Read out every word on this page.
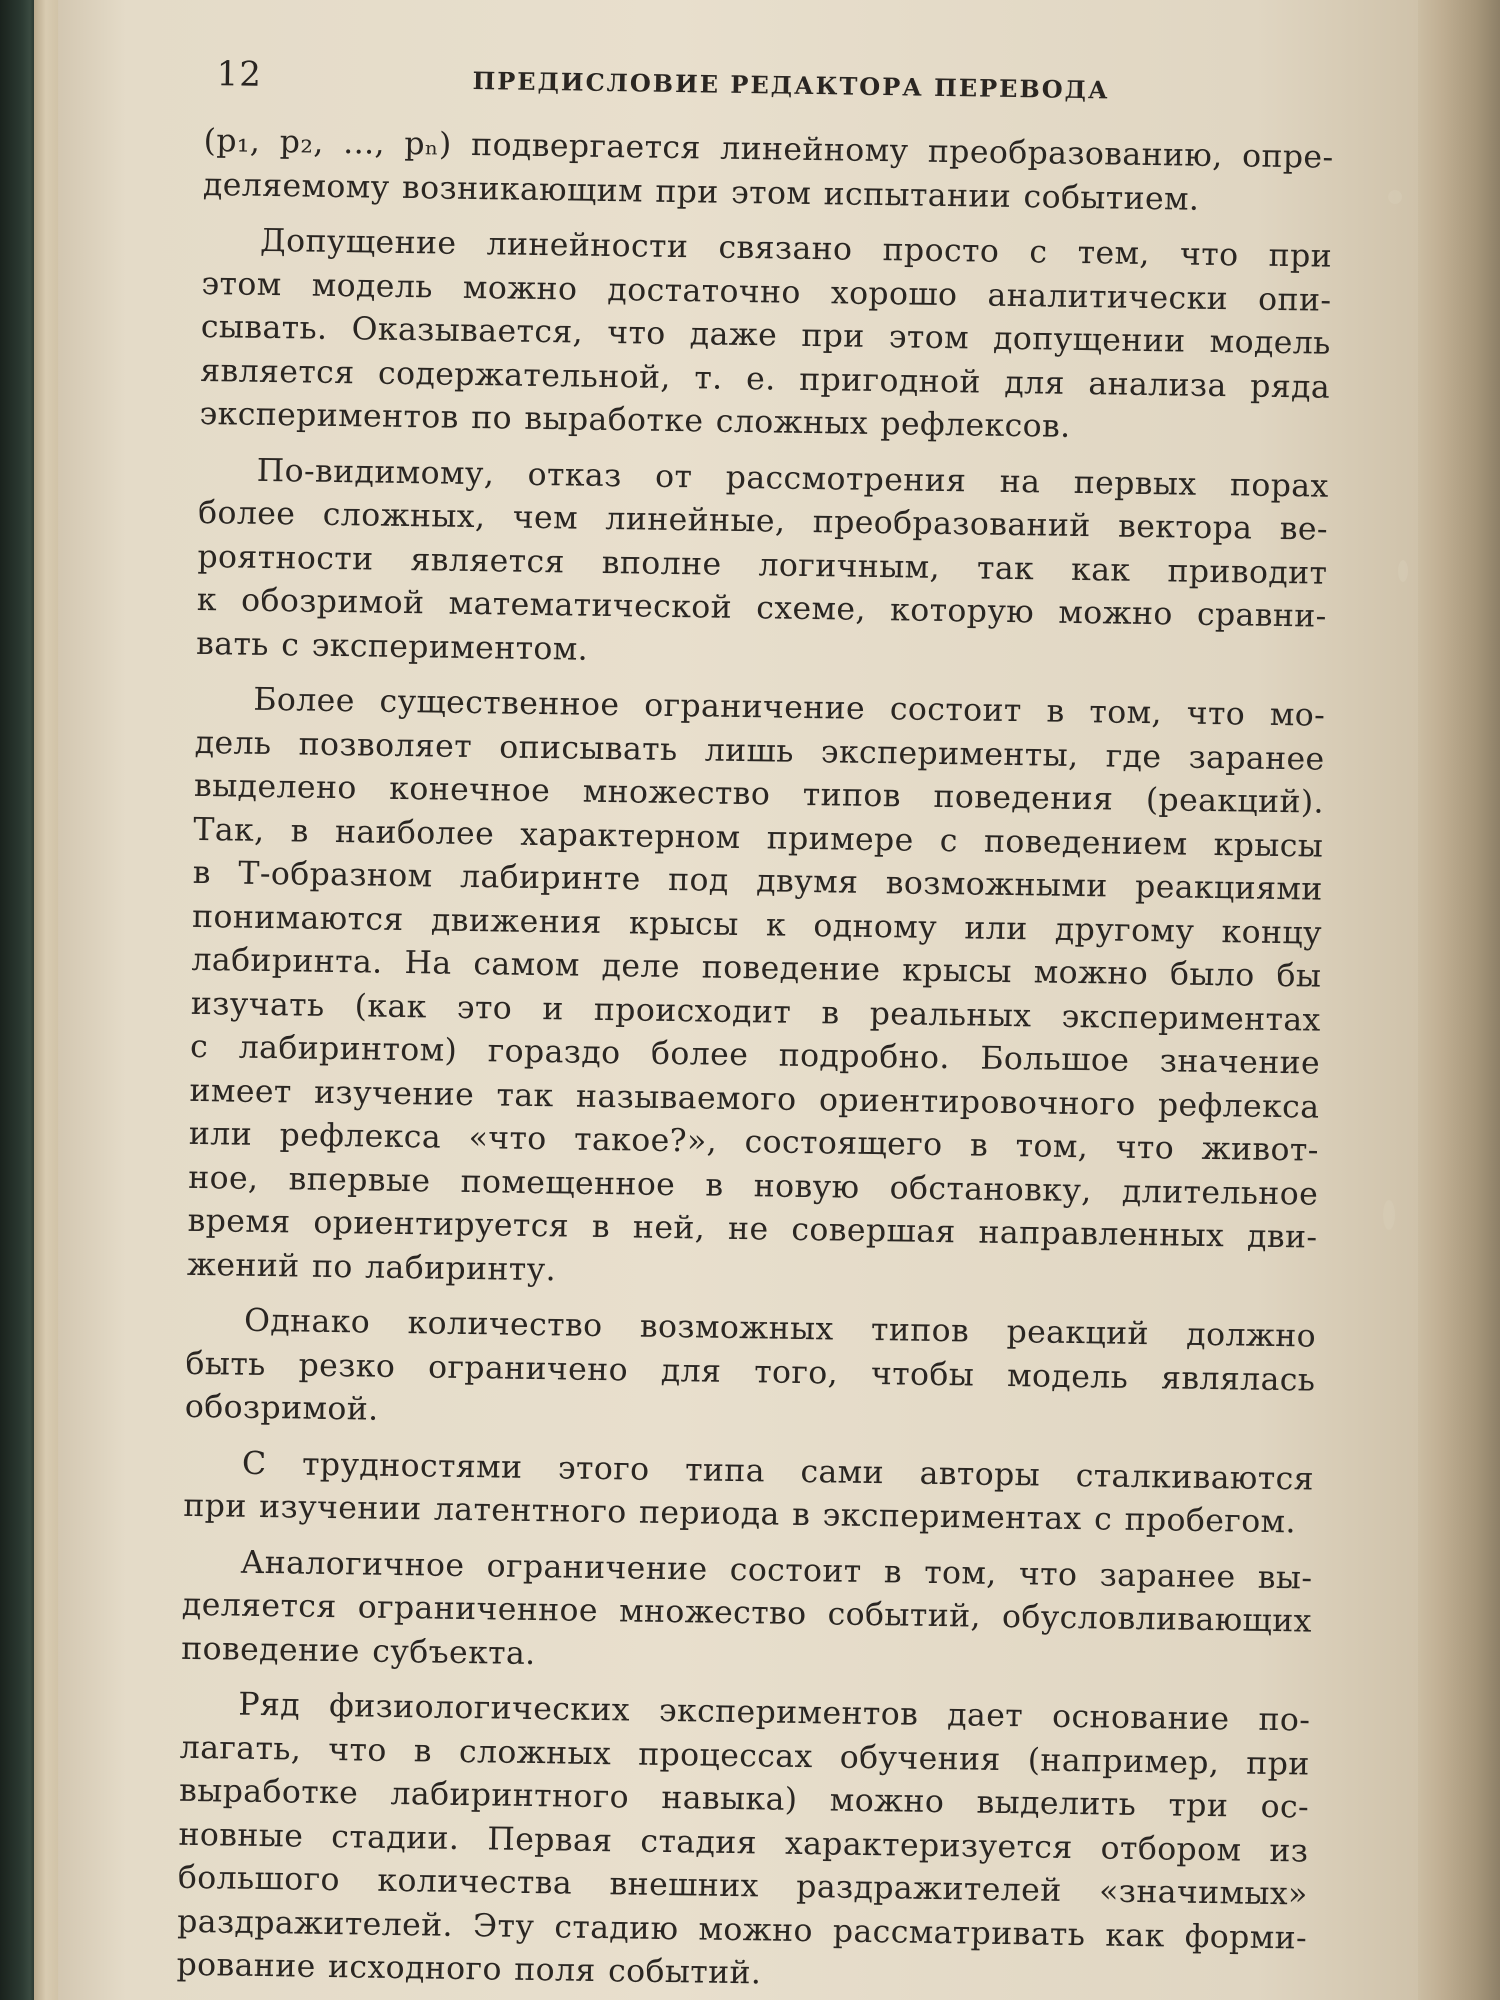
12	ПРЕДИСЛОВИЕ РЕДАКТОРА ПЕРЕВОДА
(p₁, p₂, ..., pₙ) подвергается линейному преобразованию, опре-
деляемому возникающим при этом испытании событием.
Допущение линейности связано просто с тем, что при
этом модель можно достаточно хорошо аналитически опи-
сывать. Оказывается, что даже при этом допущении модель
является содержательной, т. е. пригодной для анализа ряда
экспериментов по выработке сложных рефлексов.
По-видимому, отказ от рассмотрения на первых порах
более сложных, чем линейные, преобразований вектора ве-
роятности является вполне логичным, так как приводит
к обозримой математической схеме, которую можно сравни-
вать с экспериментом.
Более существенное ограничение состоит в том, что мо-
дель позволяет описывать лишь эксперименты, где заранее
выделено конечное множество типов поведения (реакций).
Так, в наиболее характерном примере с поведением крысы
в Т-образном лабиринте под двумя возможными реакциями
понимаются движения крысы к одному или другому концу
лабиринта. На самом деле поведение крысы можно было бы
изучать (как это и происходит в реальных экспериментах
с лабиринтом) гораздо более подробно. Большое значение
имеет изучение так называемого ориентировочного рефлекса
или рефлекса «что такое?», состоящего в том, что живот-
ное, впервые помещенное в новую обстановку, длительное
время ориентируется в ней, не совершая направленных дви-
жений по лабиринту.
Однако количество возможных типов реакций должно
быть резко ограничено для того, чтобы модель являлась
обозримой.
С трудностями этого типа сами авторы сталкиваются
при изучении латентного периода в экспериментах с пробегом.
Аналогичное ограничение состоит в том, что заранее вы-
деляется ограниченное множество событий, обусловливающих
поведение субъекта.
Ряд физиологических экспериментов дает основание по-
лагать, что в сложных процессах обучения (например, при
выработке лабиринтного навыка) можно выделить три ос-
новные стадии. Первая стадия характеризуется отбором из
большого количества внешних раздражителей «значимых»
раздражителей. Эту стадию можно рассматривать как форми-
рование исходного поля событий.
